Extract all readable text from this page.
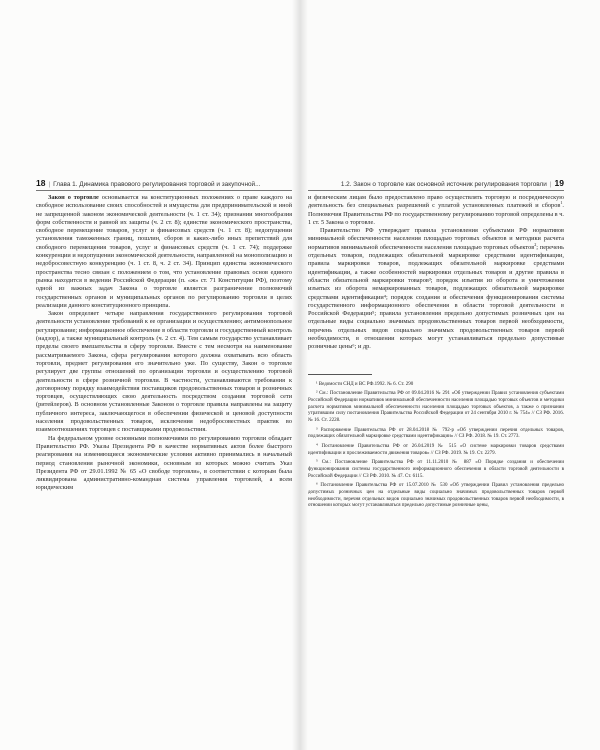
18 | Глава 1. Динамика правового регулирования торговой и закупочной...

Закон о торговле основывается на конституционных положениях о праве каждого на свободное использование своих способностей и имущества для предпринимательской и иной не запрещенной законом экономической деятельности (ч. 1 ст. 34); признании многообразия форм собственности и равной их защиты (ч. 2 ст. 8); единстве экономического пространства, свободное перемещение товаров, услуг и финансовых средств (ч. 1 ст. 8); недопущении установления таможенных границ, пошлин, сборов и каких-либо иных препятствий для свободного перемещения товаров, услуг и финансовых средств (ч. 1 ст. 74); поддержке конкуренции и недопущении экономической деятельности, направленной на монополизацию и недобросовестную конкуренцию (ч. 1 ст. 8, ч. 2 ст. 34). Принцип единства экономического пространства тесно связан с положением о том, что установление правовых основ единого рынка находится в ведении Российской Федерации (п. «ж» ст. 71 Конституции РФ), поэтому одной из важных задач Закона о торговле является разграничение полномочий государственных органов и муниципальных органов по регулированию торговли в целях реализации данного конституционного принципа.

Закон определяет четыре направления государственного регулирования торговой деятельности установление требований к ее организации и осуществлению; антимонопольное регулирование; информационное обеспечение в области торговли и государственный контроль (надзор), а также муниципальный контроль (ч. 2 ст. 4). Тем самым государство устанавливает пределы своего вмешательства в сферу торговли. Вместе с тем несмотря на наименование рассматриваемого Закона, сфера регулирования которого должна охватывать всю область торговли, предмет регулирования его значительно уже. По существу, Закон о торговле регулирует две группы отношений по организации торговли и осуществлению торговой деятельности в сфере розничной торговли. В частности, устанавливаются требования к договорному порядку взаимодействия поставщиков продовольственных товаров и розничных торговцев, осуществляющих свою деятельность посредством создания торговой сети (ритейлеров). В основном установленные Законом о торговле правила направлены на защиту публичного интереса, заключающегося в обеспечении физической и ценовой доступности населения продовольственных товаров, исключения недобросовестных практик во взаимоотношениях торговцев с поставщиками продовольствия.

На федеральном уровне основными полномочиями по регулированию торговли обладает Правительство РФ. Указы Президента РФ в качестве нормативных актов более быстрого реагирования на изменяющиеся экономические условия активно принимались в начальный период становления рыночной экономики, основным из которых можно считать Указ Президента РФ от 29.01.1992 № 65 «О свободе торговли», в соответствии с которым была ликвидирована административно-командная система управления торговлей, а всем юридическим

1.2. Закон о торговле как основной источник регулирования торговли | 19

и физическим лицам было предоставлено право осуществлять торговую и посредническую деятельность без специальных разрешений с уплатой установленных платежей и сборов$^1$. Полномочия Правительства РФ по государственному регулированию торговой определены в ч. 1 ст. 5 Закона о торговле.

Правительство РФ утверждает правила установления субъектами РФ нормативов минимальной обеспеченности населения площадью торговых объектов и методики расчета нормативов минимальной обеспеченности населения площадью торговых объектов$^2$; перечень отдельных товаров, подлежащих обязательной маркировке средствами идентификации, правила маркировки товаров, подлежащих обязательной маркировке средствами идентификации, а также особенностей маркировки отдельных товаров и другие правила в области обязательной маркировки товаров³; порядок изъятия из оборота и уничтожения изъятых из оборота немаркированных товаров, подлежащих обязательной маркировке средствами идентификации⁴; порядок создания и обеспечения функционирования системы государственного информационного обеспечения в области торговой деятельности в Российской Федерации⁵; правила установления предельно допустимых розничных цен на отдельные виды социально значимых продовольственных товаров первой необходимости, перечень отдельных видов социально значимых продовольственных товаров первой необходимости, в отношении которых могут устанавливаться предельно допустимые розничные цены⁶; и др.

¹ Ведомости СНД и ВС РФ.1992. № 6. Ст. 290

² См.: Постановление Правительства РФ от 09.04.2016 № 291 «Об утверждении Правил установления субъектами Российской Федерации нормативов минимальной обеспеченности населения площадью торговых объектов и методики расчета нормативов минимальной обеспеченности населения площадью торговых объектов, а также о признании утратившим силу постановления Правительства Российской Федерации от 24 сентября 2010 г. № 754» // СЗ РФ. 2016. № 16. Ст. 2228.

³ Распоряжение Правительства РФ от 28.04.2018 № 792-р «Об утверждении перечня отдельных товаров, подлежащих обязательной маркировке средствами идентификации» // СЗ РФ. 2018. № 19. Ст. 2773.

⁴ Постановление Правительства РФ от 26.04.2019 № 515 «О системе маркировки товаров средствами идентификации и прослеживаемости движения товаров» // СЗ РФ. 2019. № 19. Ст. 2279.

⁵ См.: Постановление Правительства РФ от 11.11.2010 № 887 «О Порядке создания и обеспечении функционирования системы государственного информационного обеспечения в области торговой деятельности в Российской Федерации // СЗ РФ. 2010. № 47. Ст. 6115.

⁶ Постановление Правительства РФ от 15.07.2010 № 530 «Об утверждении Правил установления предельно допустимых розничных цен на отдельные виды социально значимых продовольственных товаров первой необходимости, перечня отдельных видов социально значимых продовольственных товаров первой необходимости, в отношении которых могут устанавливаться предельно допустимые розничные цены,
